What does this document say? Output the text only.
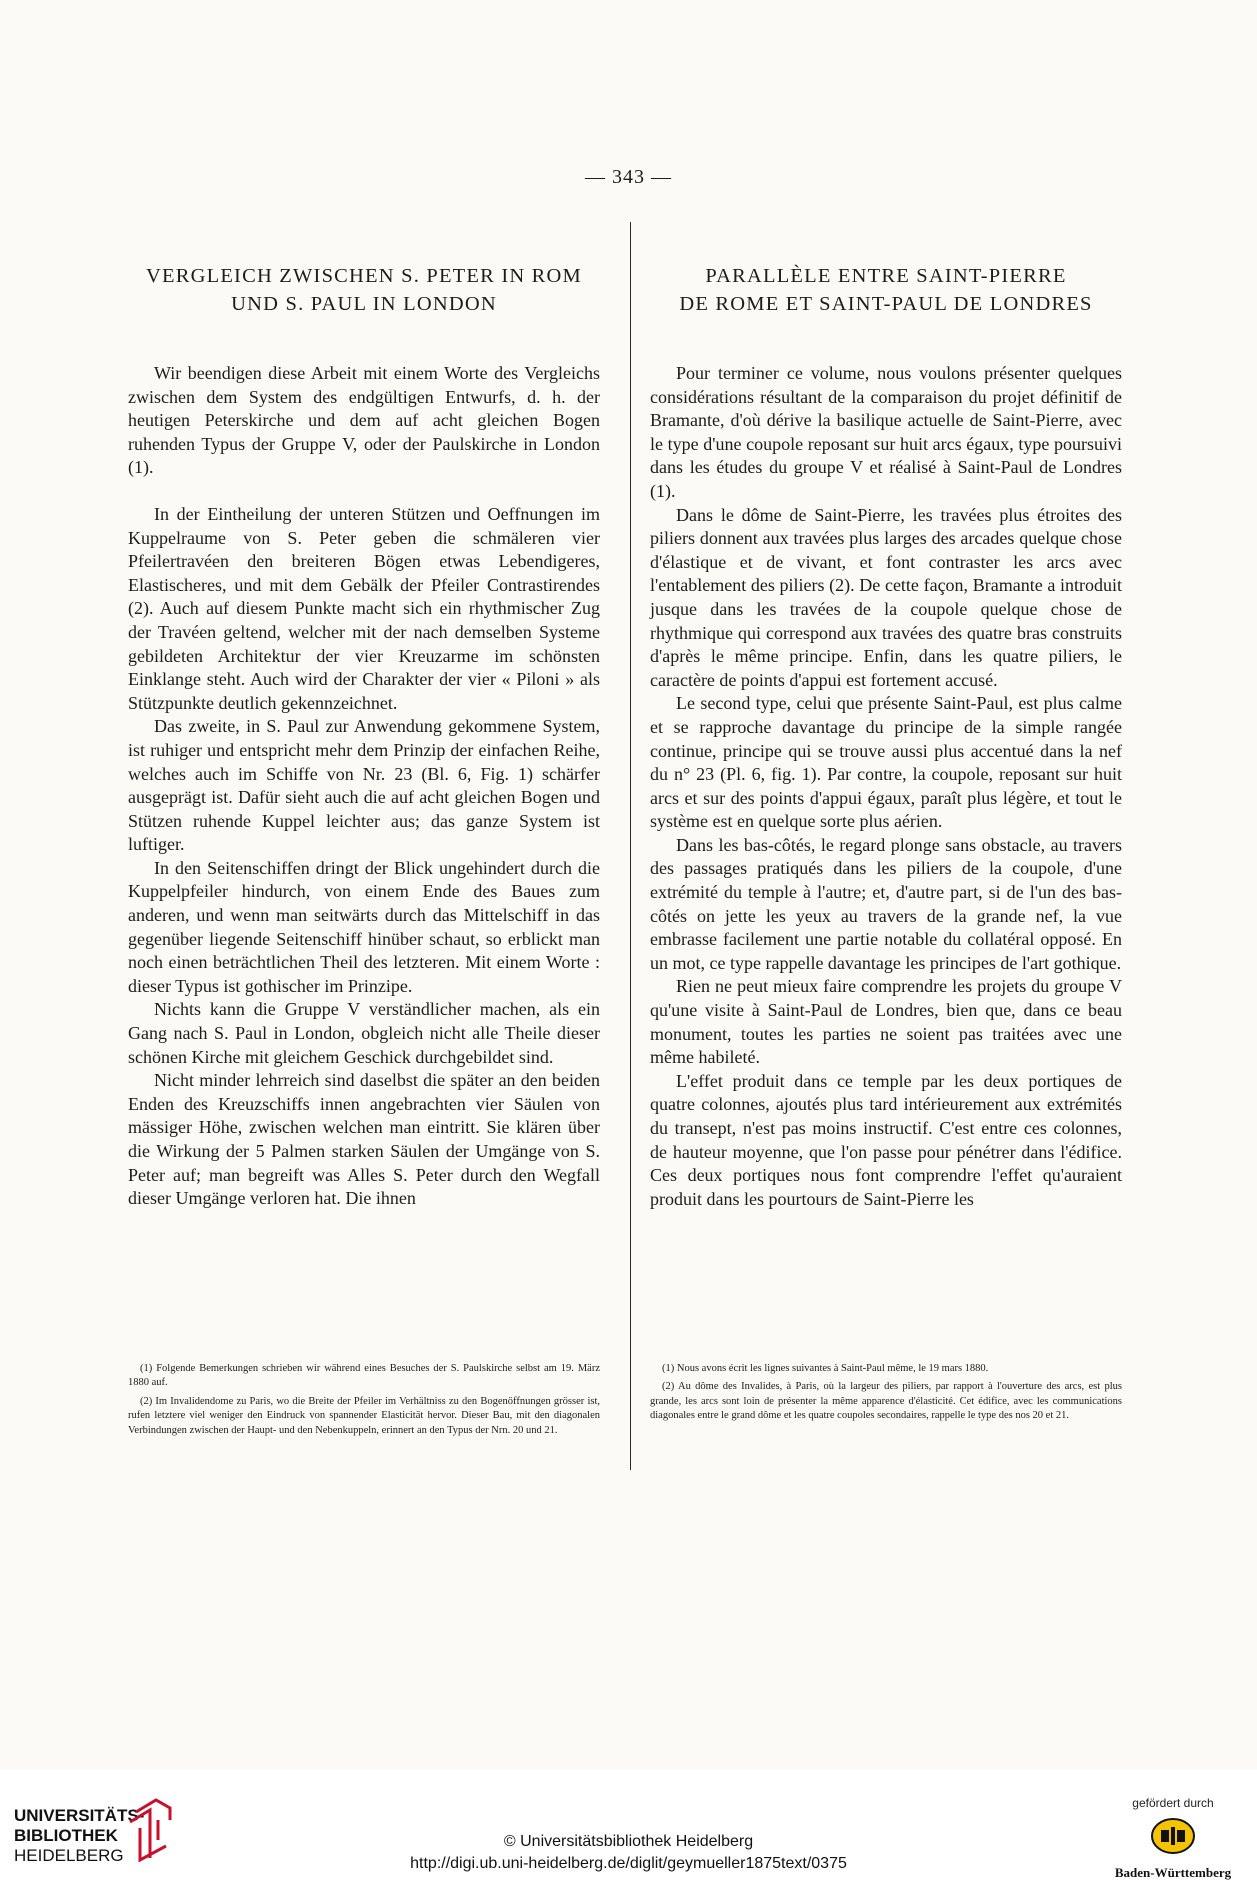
— 343 —
VERGLEICH ZWISCHEN S. PETER IN ROM
UND S. PAUL IN LONDON

Wir beendigen diese Arbeit mit einem Worte des Vergleichs zwischen dem System des endgültigen Entwurfs, d. h. der heutigen Peterskirche und dem auf acht gleichen Bogen ruhenden Typus der Gruppe V, oder der Paulskirche in London (1).

In der Eintheilung der unteren Stützen und Oeffnungen im Kuppelraume von S. Peter geben die schmäleren vier Pfeilertravéen den breiteren Bögen etwas Lebendigeres, Elastischeres, und mit dem Gebälk der Pfeiler Contrastirendes (2). Auch auf diesem Punkte macht sich ein rhythmischer Zug der Travéen geltend, welcher mit der nach demselben Systeme gebildeten Architektur der vier Kreuzarme im schönsten Einklange steht. Auch wird der Charakter der vier « Piloni » als Stützpunkte deutlich gekennzeichnet.

Das zweite, in S. Paul zur Anwendung gekommene System, ist ruhiger und entspricht mehr dem Prinzip der einfachen Reihe, welches auch im Schiffe von Nr. 23 (Bl. 6, Fig. 1) schärfer ausgeprägt ist. Dafür sieht auch die auf acht gleichen Bogen und Stützen ruhende Kuppel leichter aus; das ganze System ist luftiger.

In den Seitenschiffen dringt der Blick ungehindert durch die Kuppelpfeiler hindurch, von einem Ende des Baues zum anderen, und wenn man seitwärts durch das Mittelschiff in das gegenüber liegende Seitenschiff hinüber schaut, so erblickt man noch einen beträchtlichen Theil des letzteren. Mit einem Worte : dieser Typus ist gothischer im Prinzipe.

Nichts kann die Gruppe V verständlicher machen, als ein Gang nach S. Paul in London, obgleich nicht alle Theile dieser schönen Kirche mit gleichem Geschick durchgebildet sind.

Nicht minder lehrreich sind daselbst die später an den beiden Enden des Kreuzschiffs innen angebrachten vier Säulen von mässiger Höhe, zwischen welchen man eintritt. Sie klären über die Wirkung der 5 Palmen starken Säulen der Umgänge von S. Peter auf; man begreift was Alles S. Peter durch den Wegfall dieser Umgänge verloren hat. Die ihnen

PARALLÈLE ENTRE SAINT-PIERRE
DE ROME ET SAINT-PAUL DE LONDRES

Pour terminer ce volume, nous voulons présenter quelques considérations résultant de la comparaison du projet définitif de Bramante, d'où dérive la basilique actuelle de Saint-Pierre, avec le type d'une coupole reposant sur huit arcs égaux, type poursuivi dans les études du groupe V et réalisé à Saint-Paul de Londres (1).

Dans le dôme de Saint-Pierre, les travées plus étroites des piliers donnent aux travées plus larges des arcades quelque chose d'élastique et de vivant, et font contraster les arcs avec l'entablement des piliers (2). De cette façon, Bramante a introduit jusque dans les travées de la coupole quelque chose de rhythmique qui correspond aux travées des quatre bras construits d'après le même principe. Enfin, dans les quatre piliers, le caractère de points d'appui est fortement accusé.

Le second type, celui que présente Saint-Paul, est plus calme et se rapproche davantage du principe de la simple rangée continue, principe qui se trouve aussi plus accentué dans la nef du n° 23 (Pl. 6, fig. 1). Par contre, la coupole, reposant sur huit arcs et sur des points d'appui égaux, paraît plus légère, et tout le système est en quelque sorte plus aérien.

Dans les bas-côtés, le regard plonge sans obstacle, au travers des passages pratiqués dans les piliers de la coupole, d'une extrémité du temple à l'autre; et, d'autre part, si de l'un des bas-côtés on jette les yeux au travers de la grande nef, la vue embrasse facilement une partie notable du collatéral opposé. En un mot, ce type rappelle davantage les principes de l'art gothique.

Rien ne peut mieux faire comprendre les projets du groupe V qu'une visite à Saint-Paul de Londres, bien que, dans ce beau monument, toutes les parties ne soient pas traitées avec une même habileté.

L'effet produit dans ce temple par les deux portiques de quatre colonnes, ajoutés plus tard intérieurement aux extrémités du transept, n'est pas moins instructif. C'est entre ces colonnes, de hauteur moyenne, que l'on passe pour pénétrer dans l'édifice. Ces deux portiques nous font comprendre l'effet qu'auraient produit dans les pourtours de Saint-Pierre les

(1) Folgende Bemerkungen schrieben wir während eines Besuches der S. Paulskirche selbst am 19. März 1880 auf.

(2) Im Invalidendome zu Paris, wo die Breite der Pfeiler im Verhältniss zu den Bogenöffnungen grösser ist, rufen letztere viel weniger den Eindruck von spannender Elasticität hervor. Dieser Bau, mit den diagonalen Verbindungen zwischen der Haupt- und den Nebenkuppeln, erinnert an den Typus der Nrn. 20 und 21.

(1) Nous avons écrit les lignes suivantes à Saint-Paul même, le 19 mars 1880.

(2) Au dôme des Invalides, à Paris, où la largeur des piliers, par rapport à l'ouverture des arcs, est plus grande, les arcs sont loin de présenter la même apparence d'élasticité. Cet édifice, avec les communications diagonales entre le grand dôme et les quatre coupoles secondaires, rappelle le type des nos 20 et 21.

UNIVERSITÄTS-
BIBLIOTHEK
HEIDELBERG
© Universitätsbibliothek Heidelberg
http://digi.ub.uni-heidelberg.de/diglit/geymueller1875text/0375
gefördert durch
Baden-Württemberg
